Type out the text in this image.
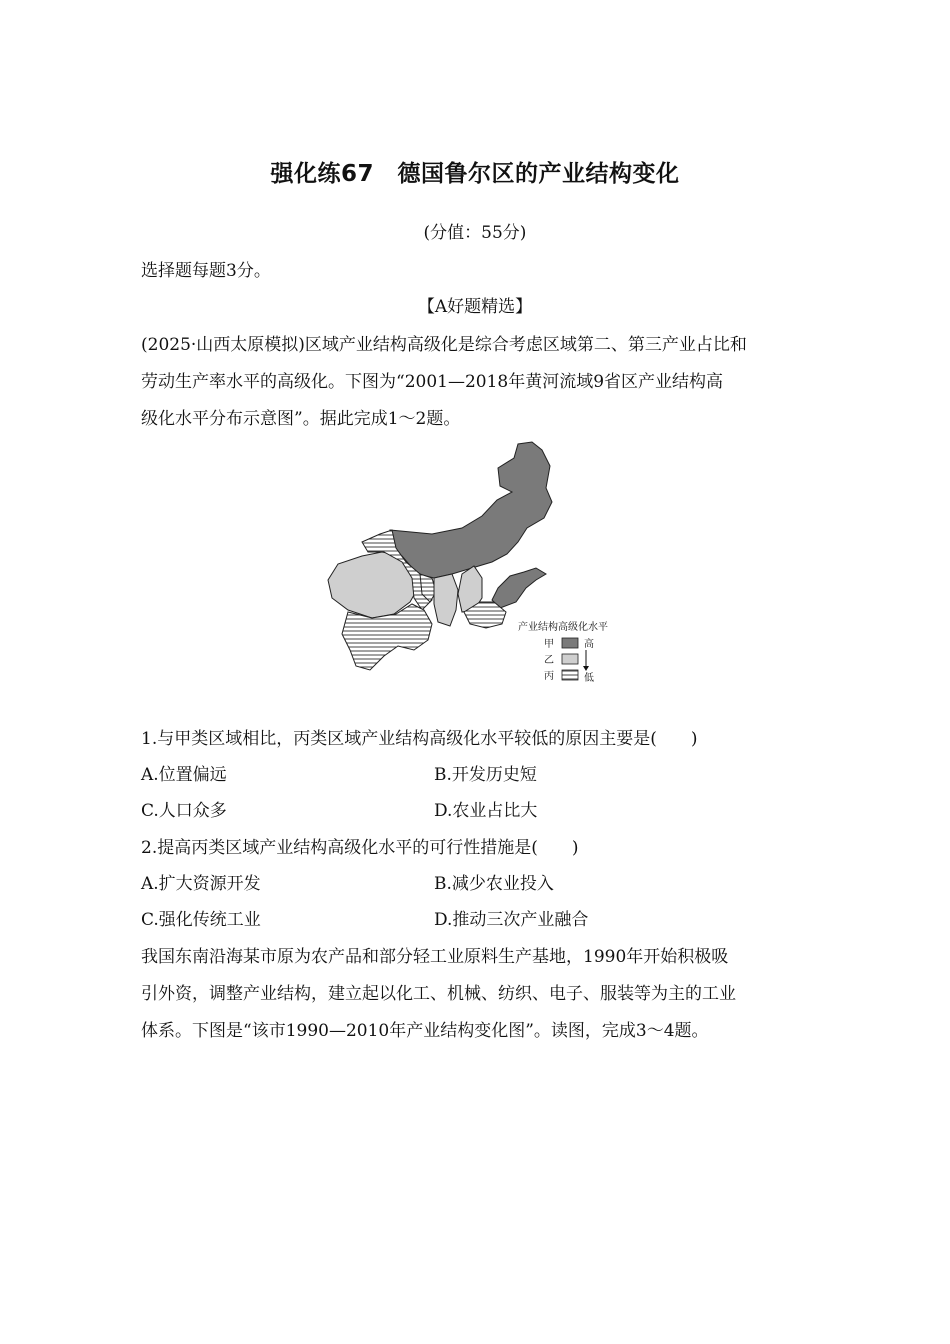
强化练67　德国鲁尔区的产业结构变化
(分值：55分)
选择题每题3分。
【A好题精选】
(2025·山西太原模拟)区域产业结构高级化是综合考虑区域第二、第三产业占比和
劳动生产率水平的高级化。下图为“2001—2018年黄河流域9省区产业结构高
级化水平分布示意图”。据此完成1～2题。
产业结构高级化水平
甲	高
乙
丙	低
1.与甲类区域相比，丙类区域产业结构高级化水平较低的原因主要是(　　)
A.位置偏远	B.开发历史短
C.人口众多	D.农业占比大
2.提高丙类区域产业结构高级化水平的可行性措施是(　　)
A.扩大资源开发	B.减少农业投入
C.强化传统工业	D.推动三次产业融合
我国东南沿海某市原为农产品和部分轻工业原料生产基地，1990年开始积极吸
引外资，调整产业结构，建立起以化工、机械、纺织、电子、服装等为主的工业
体系。下图是“该市1990—2010年产业结构变化图”。读图，完成3～4题。
